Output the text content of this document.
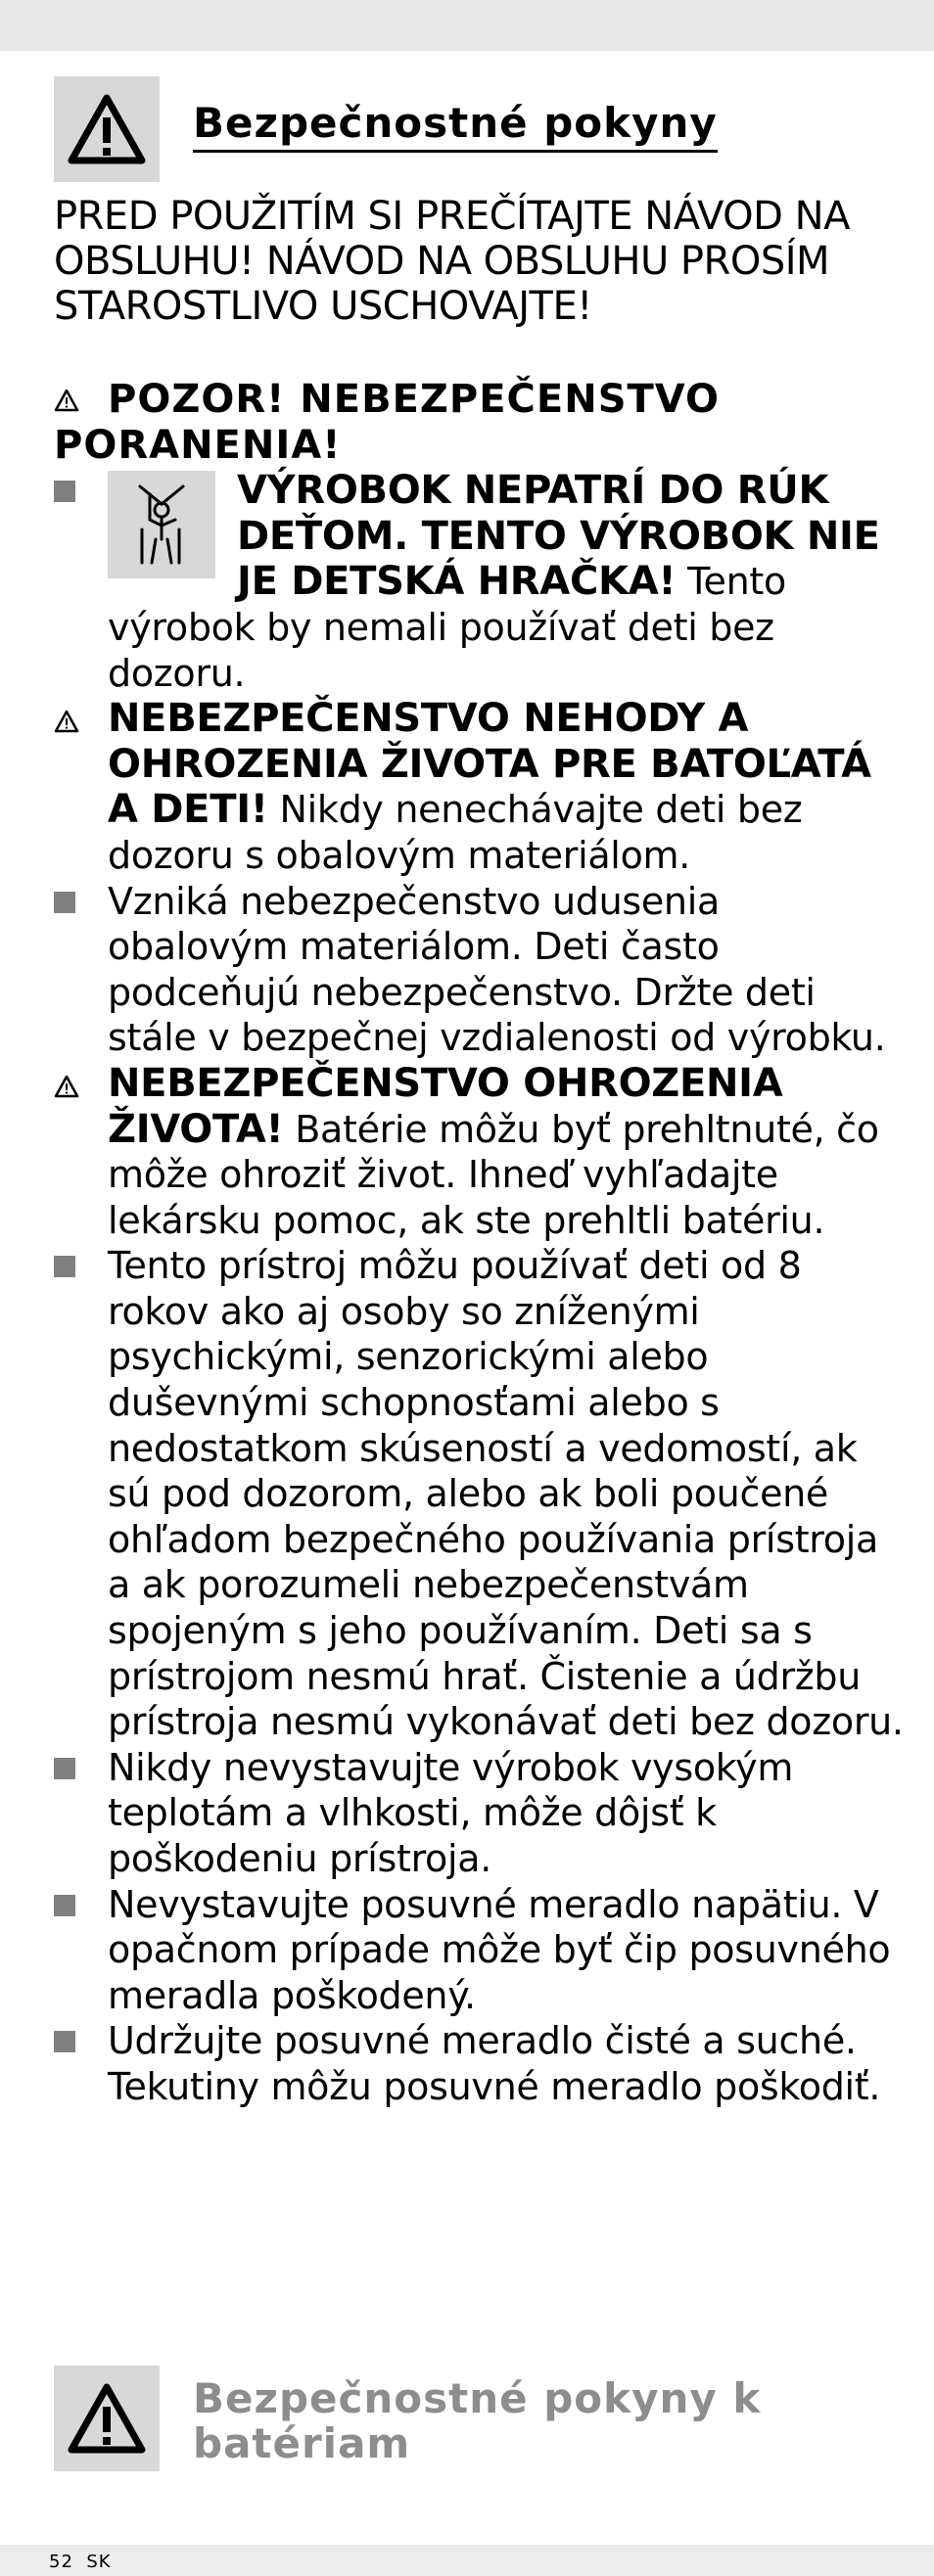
Bezpečnostné pokyny
PRED POUŽITÍM SI PREČÍTAJTE NÁVOD NA OBSLUHU! NÁVOD NA OBSLUHU PROSÍM STAROSTLIVO USCHOVAJTE!

POZOR! NEBEZPEČENSTVO PORANENIA!

VÝROBOK NEPATRÍ DO RÚK DEŤOM. TENTO VÝROBOK NIE JE DETSKÁ HRAČKA! Tento výrobok by nemali používať deti bez dozoru.
NEBEZPEČENSTVO NEHODY A OHROZENIA ŽIVOTA PRE BATOĽATÁ A DETI! Nikdy nenechávajte deti bez dozoru s obalovým materiálom.
Vzniká nebezpečenstvo udusenia obalovým materiálom. Deti často podceňujú nebezpečenstvo. Držte deti stále v bezpečnej vzdialenosti od výrobku.
NEBEZPEČENSTVO OHROZENIA ŽIVOTA! Batérie môžu byť prehltnuté, čo môže ohroziť život. Ihneď vyhľadajte lekársku pomoc, ak ste prehltli batériu.
Tento prístroj môžu používať deti od 8 rokov ako aj osoby so zníženými psychickými, senzorickými alebo duševnými schopnosťami alebo s nedostatkom skúseností a vedomostí, ak sú pod dozorom, alebo ak boli poučené ohľadom bezpečného používania prístroja a ak porozumeli nebezpečenstvám spojeným s jeho používaním. Deti sa s prístrojom nesmú hrať. Čistenie a údržbu prístroja nesmú vykonávať deti bez dozoru.
Nikdy nevystavujte výrobok vysokým teplotám a vlhkosti, môže dôjsť k poškodeniu prístroja.
Nevystavujte posuvné meradlo napätiu. V opačnom prípade môže byť čip posuvného meradla poškodený.
Udržujte posuvné meradlo čisté a suché. Tekutiny môžu posuvné meradlo poškodiť.
Bezpečnostné pokyny k batériam
52 SK
